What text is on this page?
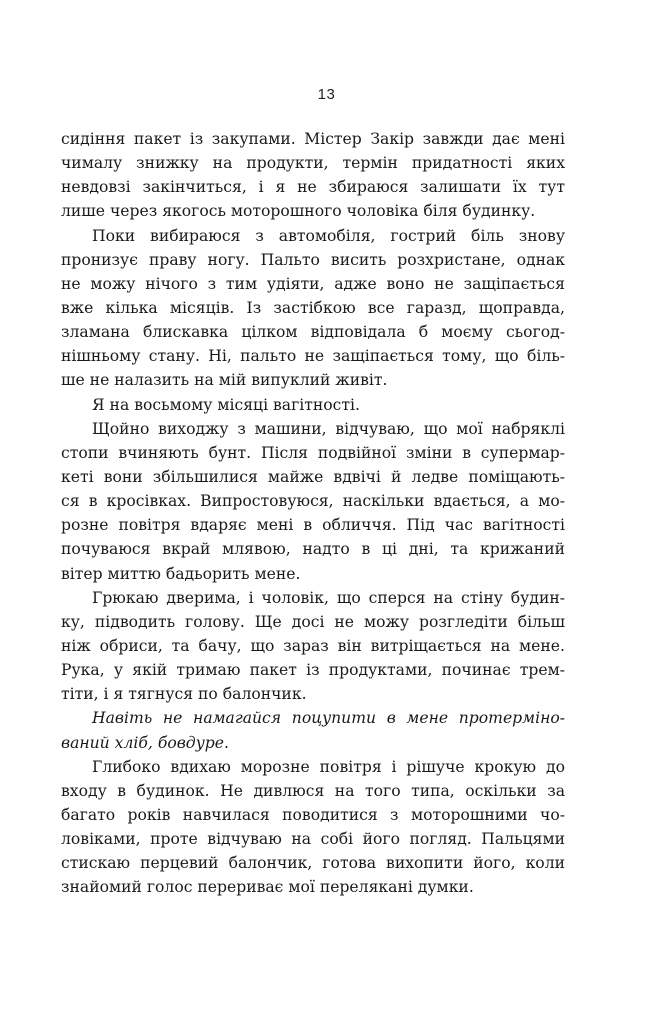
13
сидіння пакет із закупами. Містер Закір завжди дає мені
чималу знижку на продукти, термін придатності яких
невдовзі закінчиться, і я не збираюся залишати їх тут
лише через якогось моторошного чоловіка біля будинку.
Поки вибираюся з автомобіля, гострий біль знову
пронизує праву ногу. Пальто висить розхристане, однак
не можу нічого з тим удіяти, адже воно не защіпається
вже кілька місяців. Із застібкою все гаразд, щоправда,
зламана блискавка цілком відповідала б моєму сьогод-
нішньому стану. Ні, пальто не защіпається тому, що біль-
ше не налазить на мій випуклий живіт.
Я на восьмому місяці вагітності.
Щойно виходжу з машини, відчуваю, що мої набряклі
стопи вчиняють бунт. Після подвійної зміни в супермар-
кеті вони збільшилися майже вдвічі й ледве поміщають-
ся в кросівках. Випростовуюся, наскільки вдається, а мо-
розне повітря вдаряє мені в обличчя. Під час вагітності
почуваюся вкрай млявою, надто в ці дні, та крижаний
вітер миттю бадьорить мене.
Грюкаю дверима, і чоловік, що сперся на стіну будин-
ку, підводить голову. Ще досі не можу розгледіти більш
ніж обриси, та бачу, що зараз він витріщається на мене.
Рука, у якій тримаю пакет із продуктами, починає трем-
тіти, і я тягнуся по балончик.
Навіть не намагайся поцупити в мене протерміно-
ваний хліб, бовдуре.
Глибоко вдихаю морозне повітря і рішуче крокую до
входу в будинок. Не дивлюся на того типа, оскільки за
багато років навчилася поводитися з моторошними чо-
ловіками, проте відчуваю на собі його погляд. Пальцями
стискаю перцевий балончик, готова вихопити його, коли
знайомий голос перериває мої перелякані думки.
